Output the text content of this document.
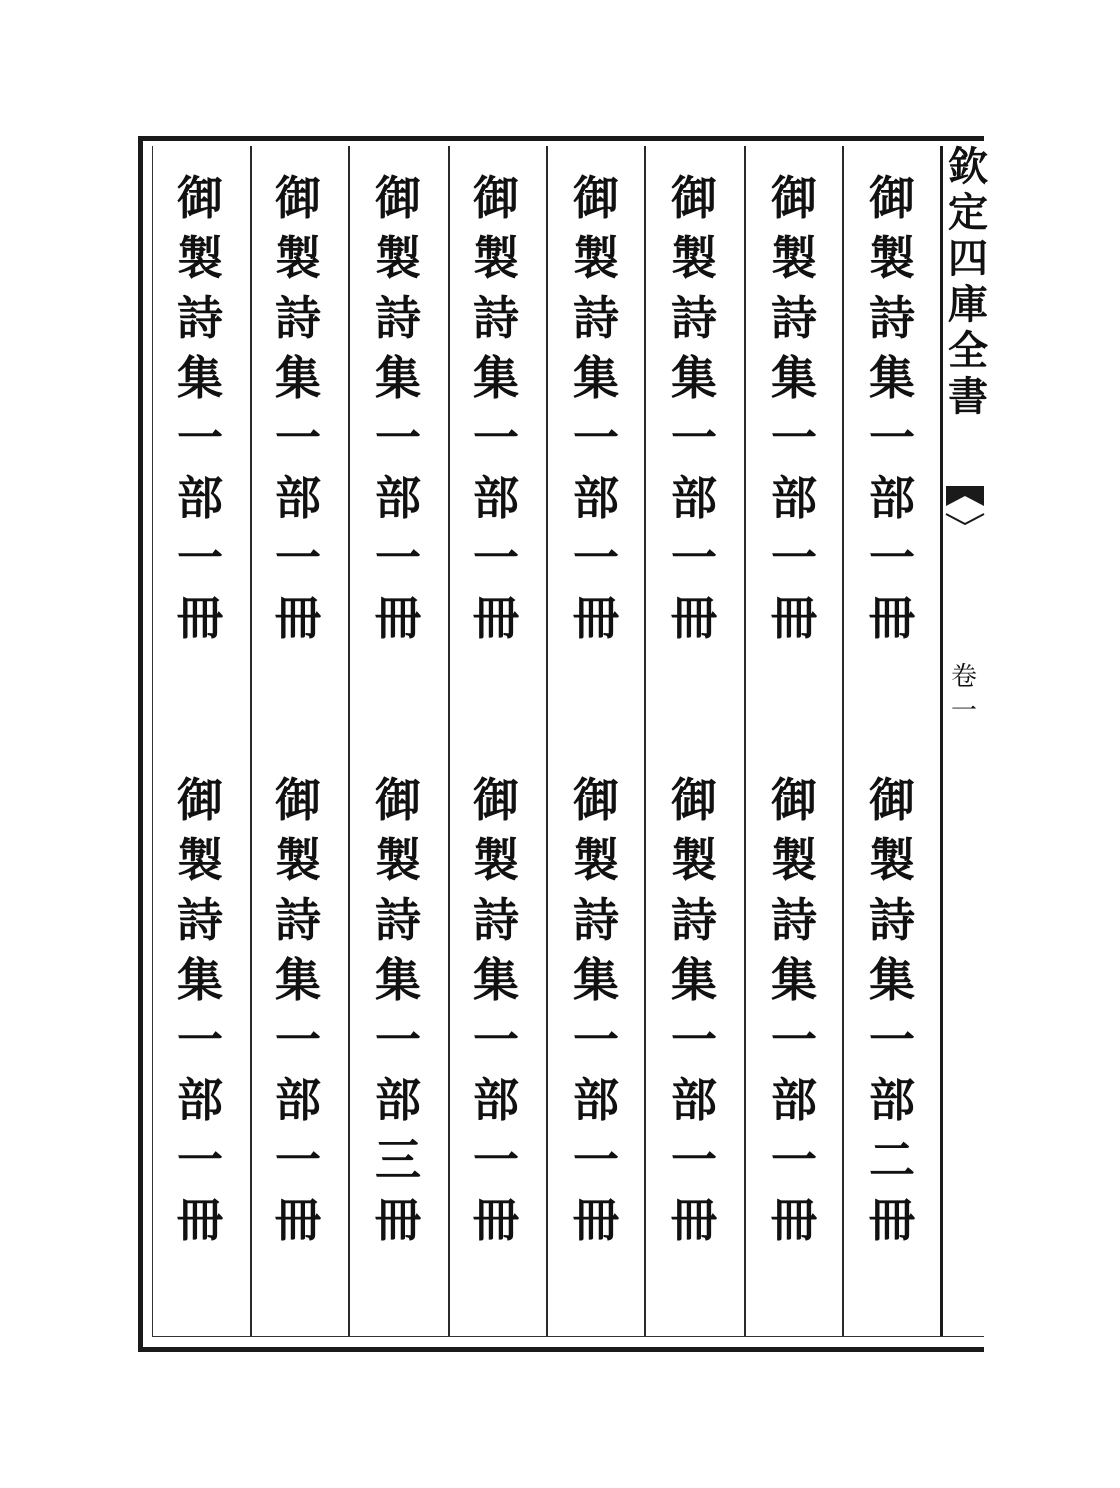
欽
定
四
庫
全
書
卷
一
御
製
詩
集
一
部
一
冊
御
製
詩
集
一
部
二
冊
御
製
詩
集
一
部
一
冊
御
製
詩
集
一
部
一
冊
御
製
詩
集
一
部
一
冊
御
製
詩
集
一
部
一
冊
御
製
詩
集
一
部
一
冊
御
製
詩
集
一
部
一
冊
御
製
詩
集
一
部
一
冊
御
製
詩
集
一
部
一
冊
御
製
詩
集
一
部
一
冊
御
製
詩
集
一
部
三
冊
御
製
詩
集
一
部
一
冊
御
製
詩
集
一
部
一
冊
御
製
詩
集
一
部
一
冊
御
製
詩
集
一
部
一
冊
